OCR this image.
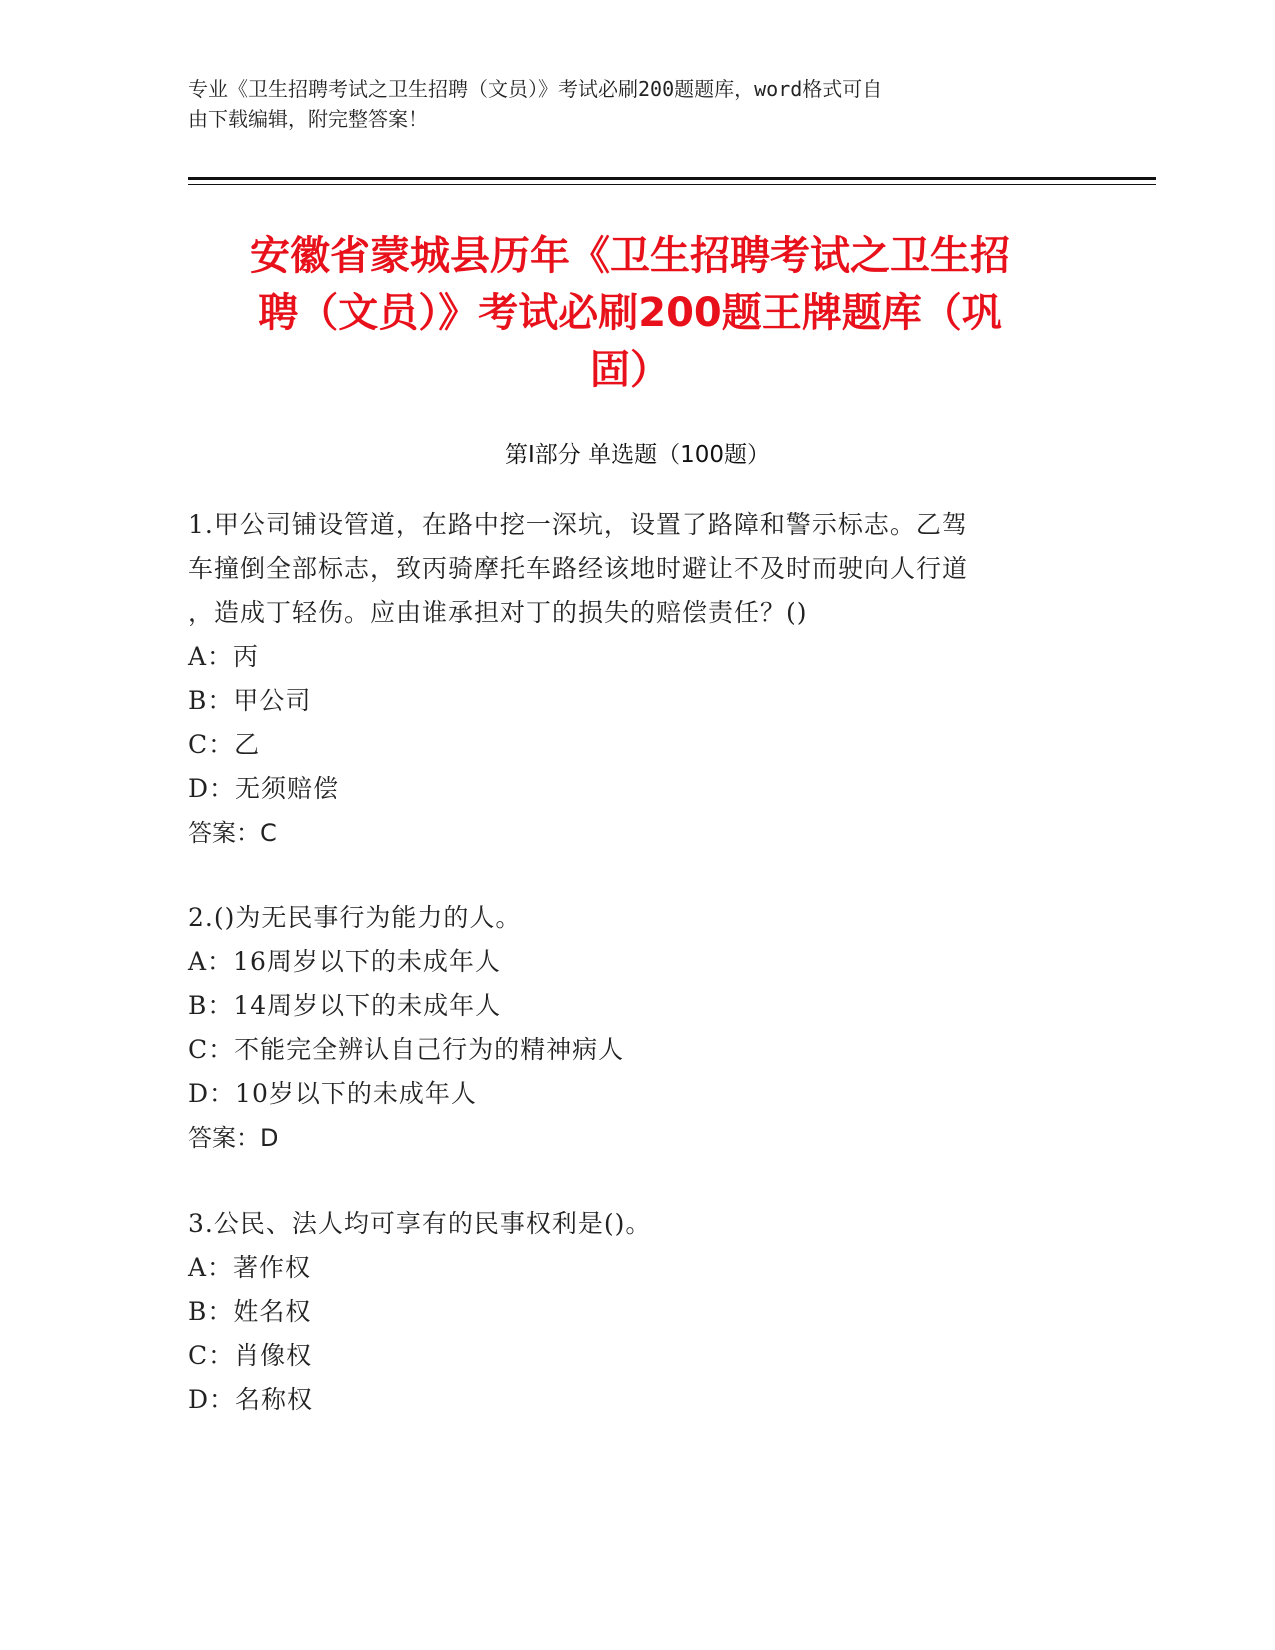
专业《卫生招聘考试之卫生招聘（文员）》考试必刷200题题库，word格式可自
由下载编辑，附完整答案！
安徽省蒙城县历年《卫生招聘考试之卫生招
聘（文员）》考试必刷200题王牌题库（巩
固）
第Ⅰ部分 单选题（100题）
1.甲公司铺设管道，在路中挖一深坑，设置了路障和警示标志。乙驾
车撞倒全部标志，致丙骑摩托车路经该地时避让不及时而驶向人行道
，造成丁轻伤。应由谁承担对丁的损失的赔偿责任？()
A：丙
B：甲公司
C：乙
D：无须赔偿
答案：C
2.()为无民事行为能力的人。
A：16周岁以下的未成年人
B：14周岁以下的未成年人
C：不能完全辨认自己行为的精神病人
D：10岁以下的未成年人
答案：D
3.公民、法人均可享有的民事权利是()。
A：著作权
B：姓名权
C：肖像权
D：名称权
